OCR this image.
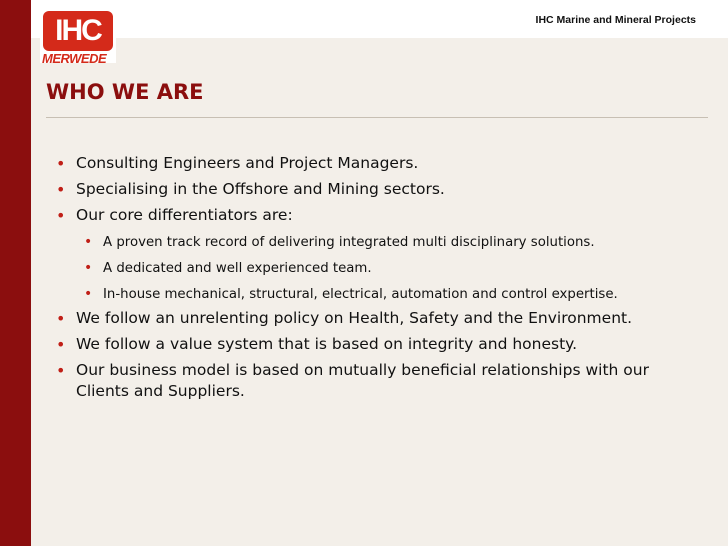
IHC Marine and Mineral Projects
IHC
MERWEDE
WHO WE ARE
• Consulting Engineers and Project Managers.
• Specialising in the Offshore and Mining sectors.
• Our core differentiators are:
• A proven track record of delivering integrated multi disciplinary solutions.
• A dedicated and well experienced team.
• In-house mechanical, structural, electrical, automation and control expertise.
• We follow an unrelenting policy on Health, Safety and the Environment.
• We follow a value system that is based on integrity and honesty.
• Our business model is based on mutually beneficial relationships with our Clients and Suppliers.
